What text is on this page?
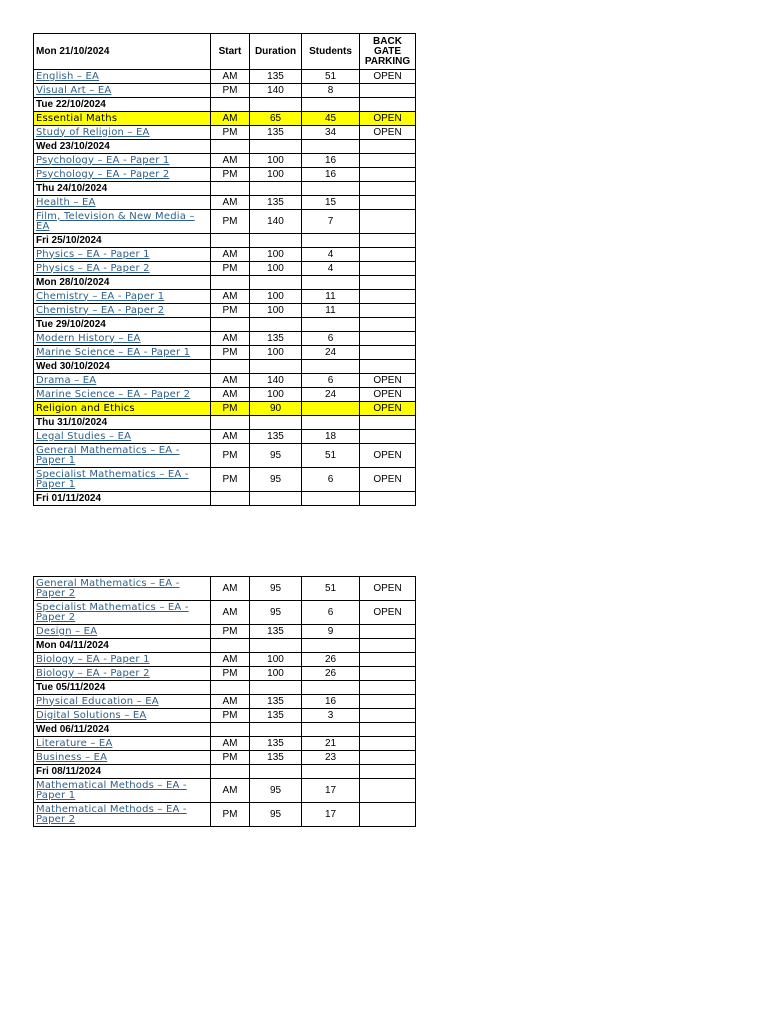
Mon 21/10/2024	Start	Duration	Students	BACK
GATE
PARKING

English – EA	AM	135	51	OPEN
Visual Art – EA	PM	140	8	
Tue 22/10/2024				
Essential Maths	AM	65	45	OPEN
Study of Religion – EA	PM	135	34	OPEN
Wed 23/10/2024				
Psychology – EA - Paper 1	AM	100	16	
Psychology – EA - Paper 2	PM	100	16	
Thu 24/10/2024				
Health – EA	AM	135	15	
Film, Television & New Media – EA	PM	140	7	
Fri 25/10/2024				
Physics – EA - Paper 1	AM	100	4	
Physics – EA - Paper 2	PM	100	4	
Mon 28/10/2024				
Chemistry – EA - Paper 1	AM	100	11	
Chemistry – EA - Paper 2	PM	100	11	
Tue 29/10/2024				
Modern History – EA	AM	135	6	
Marine Science – EA - Paper 1	PM	100	24	
Wed 30/10/2024				
Drama – EA	AM	140	6	OPEN
Marine Science – EA - Paper 2	AM	100	24	OPEN
Religion and Ethics	PM	90		OPEN
Thu 31/10/2024				
Legal Studies – EA	AM	135	18	
General Mathematics – EA - Paper 1	PM	95	51	OPEN
Specialist Mathematics – EA - Paper 1	PM	95	6	OPEN
Fri 01/11/2024				
General Mathematics – EA - Paper 2	AM	95	51	OPEN
Specialist Mathematics – EA - Paper 2	AM	95	6	OPEN
Design – EA	PM	135	9	
Mon 04/11/2024				
Biology – EA - Paper 1	AM	100	26	
Biology – EA - Paper 2	PM	100	26	
Tue 05/11/2024				
Physical Education – EA	AM	135	16	
Digital Solutions – EA	PM	135	3	
Wed 06/11/2024				
Literature – EA	AM	135	21	
Business – EA	PM	135	23	
Fri 08/11/2024				
Mathematical Methods – EA - Paper 1	AM	95	17	
Mathematical Methods – EA - Paper 2	PM	95	17	
